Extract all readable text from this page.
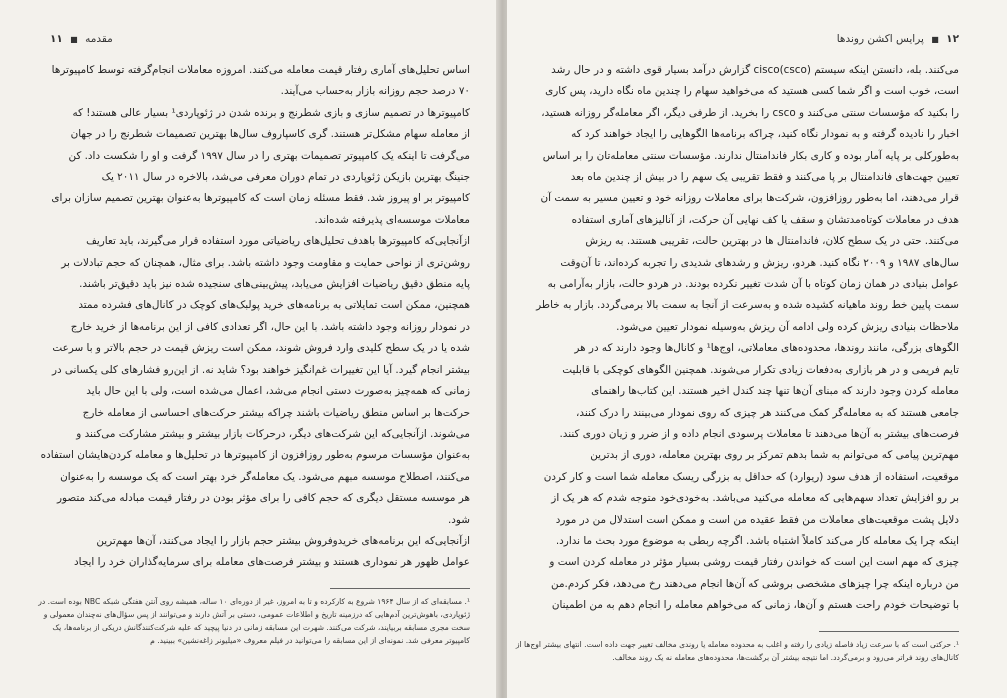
مقدمه ■ ۱۱

اساس تحلیل‌های آماری رفتار قیمت معامله می‌کنند. امروزه معاملات انجام‌گرفته توسط کامپیوترها

۷۰ درصد حجم روزانه بازار به‌حساب می‌آیند.

کامپیوترها در تصمیم سازی و بازی شطرنج و برنده شدن در ژئوپاردی¹ بسیار عالی هستند! که

از معامله سهام مشکل‌تر هستند. گری کاسپاروف سال‌ها بهترین تصمیمات شطرنج را در جهان

می‌گرفت تا اینکه یک کامپیوتر تصمیمات بهتری را در سال ۱۹۹۷ گرفت و او را شکست داد. کن

جنینگ بهترین بازیکن ژئوپاردی در تمام دوران معرفی می‌شد، بالاخره در سال ۲۰۱۱ یک

کامپیوتر بر او پیروز شد. فقط مسئله زمان است که کامپیوترها به‌عنوان بهترین تصمیم سازان برای

معاملات موسسه‌ای پذیرفته شده‌اند.

ازآنجایی‌که کامپیوترها باهدف تحلیل‌های ریاضیاتی مورد استفاده قرار می‌گیرند، باید تعاریف

روشن‌تری از نواحی حمایت و مقاومت وجود داشته باشد. برای مثال، همچنان که حجم تبادلات بر

پایه منطق دقیق ریاضیات افزایش می‌یابد، پیش‌بینی‌های سنجیده شده نیز باید دقیق‌تر باشند.

همچنین، ممکن است تمایلاتی به برنامه‌های خرید پولبک‌های کوچک در کانال‌های فشرده ممتد

در نمودار روزانه وجود داشته باشد. با این حال، اگر تعدادی کافی از این برنامه‌ها از خرید خارج

شده یا در یک سطح کلیدی وارد فروش شوند، ممکن است ریزش قیمت در حجم بالاتر و با سرعت

بیشتر انجام گیرد. آیا این تغییرات غم‌انگیز خواهند بود؟ شاید نه. از این‌رو فشارهای کلی یکسانی در

زمانی که همه‌چیز به‌صورت دستی انجام می‌شد، اعمال می‌شده است، ولی با این حال باید

حرکت‌ها بر اساس منطق ریاضیات باشند چراکه بیشتر حرکت‌های احساسی از معامله خارج

می‌شوند. ازآنجایی‌که این شرکت‌های دیگر، درحرکات بازار بیشتر و بیشتر مشارکت می‌کنند و

به‌عنوان مؤسسات مرسوم به‌طور روزافزون از کامپیوترها در تحلیل‌ها و معامله کردن‌هایشان استفاده

می‌کنند، اصطلاح موسسه مبهم می‌شود. یک معامله‌گر خرد بهتر است که یک موسسه را به‌عنوان

هر موسسه مستقل دیگری که حجم کافی را برای مؤثر بودن در رفتار قیمت مبادله می‌کند متصور

شود.

ازآنجایی‌که این برنامه‌های خریدوفروش بیشتر حجم بازار را ایجاد می‌کنند، آن‌ها مهم‌ترین

عوامل ظهور هر نموداری هستند و بیشتر فرصت‌های معامله برای سرمایه‌گذاران خرد را ایجاد

¹. مسابقه‌ای که از سال ۱۹۶۴ شروع به کارکرده و تا به امروز، غیر از دوره‌ای ۱۰ ساله، همیشه روی آنتن هفتگی شبکه NBC بوده است. در

ژئوپاردی، باهوش‌ترین آدم‌هایی که درزمینه تاریخ و اطلاعات عمومی، دستی بر آتش دارند و می‌توانند از پس سؤال‌های نه‌چندان معمولی و

سخت مجری مسابقه بربیایند، شرکت می‌کنند. شهرت این مسابقه زمانی در دنیا پیچید که علیه شرکت‌کنندگانش دریکی از برنامه‌ها، یک

کامپیوتر معرفی شد. نمونه‌ای از این مسابقه را می‌توانید در فیلم معروف «میلیونر زاغه‌نشین» ببینید. م

۱۲ ■ پرایس اکشن روندها

می‌کنند. بله، دانستن اینکه سیستم cisco(csco) گزارش درآمد بسیار قوی داشته و در حال رشد

است، خوب است و اگر شما کسی هستید که می‌خواهید سهام را چندین ماه نگاه دارید، پس کاری

را بکنید که مؤسسات سنتی می‌کنند و csco را بخرید. از طرفی دیگر، اگر معامله‌گر روزانه هستید،

اخبار را نادیده گرفته و به نمودار نگاه کنید، چراکه برنامه‌ها الگوهایی را ایجاد خواهند کرد که

به‌طورکلی بر پایه آمار بوده و کاری بکار فاندامنتال ندارند. مؤسسات سنتی معامله‌تان را بر اساس

تعیین جهت‌های فاندامنتال بر پا می‌کنند و فقط تقریبی یک سهم را در بیش از چندین ماه بعد

قرار می‌دهند، اما به‌طور روزافزون، شرکت‌ها برای معاملات روزانه خود و تعیین مسیر به سمت آن

هدف در معاملات کوتاه‌مدتشان و سقف یا کف نهایی آن حرکت، از آنالیزهای آماری استفاده

می‌کنند. حتی در یک سطح کلان، فاندامنتال ها در بهترین حالت، تقریبی هستند. به ریزش

سال‌های ۱۹۸۷ و ۲۰۰۹ نگاه کنید. هردو، ریزش و رشدهای شدیدی را تجربه کرده‌اند، تا آن‌وقت

عوامل بنیادی در همان زمان کوتاه با آن شدت تغییر نکرده بودند. در هردو حالت، بازار به‌آرامی به

سمت پایین خط روند ماهیانه کشیده شده و به‌سرعت از آنجا به سمت بالا برمی‌گردد. بازار به خاطر

ملاحظات بنیادی ریزش کرده ولی ادامه آن ریزش به‌وسیله نمودار تعیین می‌شود.

الگوهای بزرگی، مانند روندها، محدوده‌های معاملاتی، اوج‌ها¹ و کانال‌ها وجود دارند که در هر

تایم فریمی و در هر بازاری به‌دفعات زیادی تکرار می‌شوند. همچنین الگوهای کوچکی با قابلیت

معامله کردن وجود دارند که مبنای آن‌ها تنها چند کندل اخیر هستند. این کتاب‌ها راهنمای

جامعی هستند که به معامله‌گر کمک می‌کنند هر چیزی که روی نمودار می‌بینند را درک کنند،

فرصت‌های بیشتر به آن‌ها می‌دهند تا معاملات پرسودی انجام داده و از ضرر و زیان دوری کنند.

مهم‌ترین پیامی که می‌توانم به شما بدهم تمرکز بر روی بهترین معامله، دوری از بدترین

موقعیت، استفاده از هدف سود (ریوارد) که حداقل به بزرگی ریسک معامله شما است و کار کردن

بر رو افزایش تعداد سهم‌هایی که معامله می‌کنید می‌باشد. به‌خودی‌خود متوجه شدم که هر یک از

دلایل پشت موقعیت‌های معاملات من فقط عقیده من است و ممکن است استدلال من در مورد

اینکه چرا یک معامله کار می‌کند کاملاً اشتباه باشد. اگرچه ربطی به موضوع مورد بحث ما ندارد.

چیزی که مهم است این است که خواندن رفتار قیمت روشی بسیار مؤثر در معامله کردن است و

من درباره اینکه چرا چیزهای مشخصی بروشی که آن‌ها انجام می‌دهند رخ می‌دهد، فکر کردم.من

با توضیحات خودم راحت هستم و آن‌ها، زمانی که می‌خواهم معامله را انجام دهم به من اطمینان

¹. حرکتی است که با سرعت زیاد فاصله زیادی را رفته و اغلب به محدوده معامله یا روندی مخالف تغییر جهت داده است. انتهای بیشتر اوج‌ها از

کانال‌های روند فراتر می‌رود و برمی‌گردد. اما نتیجه بیشتر آن برگشت‌ها، محدوده‌های معامله نه یک روند مخالف.
